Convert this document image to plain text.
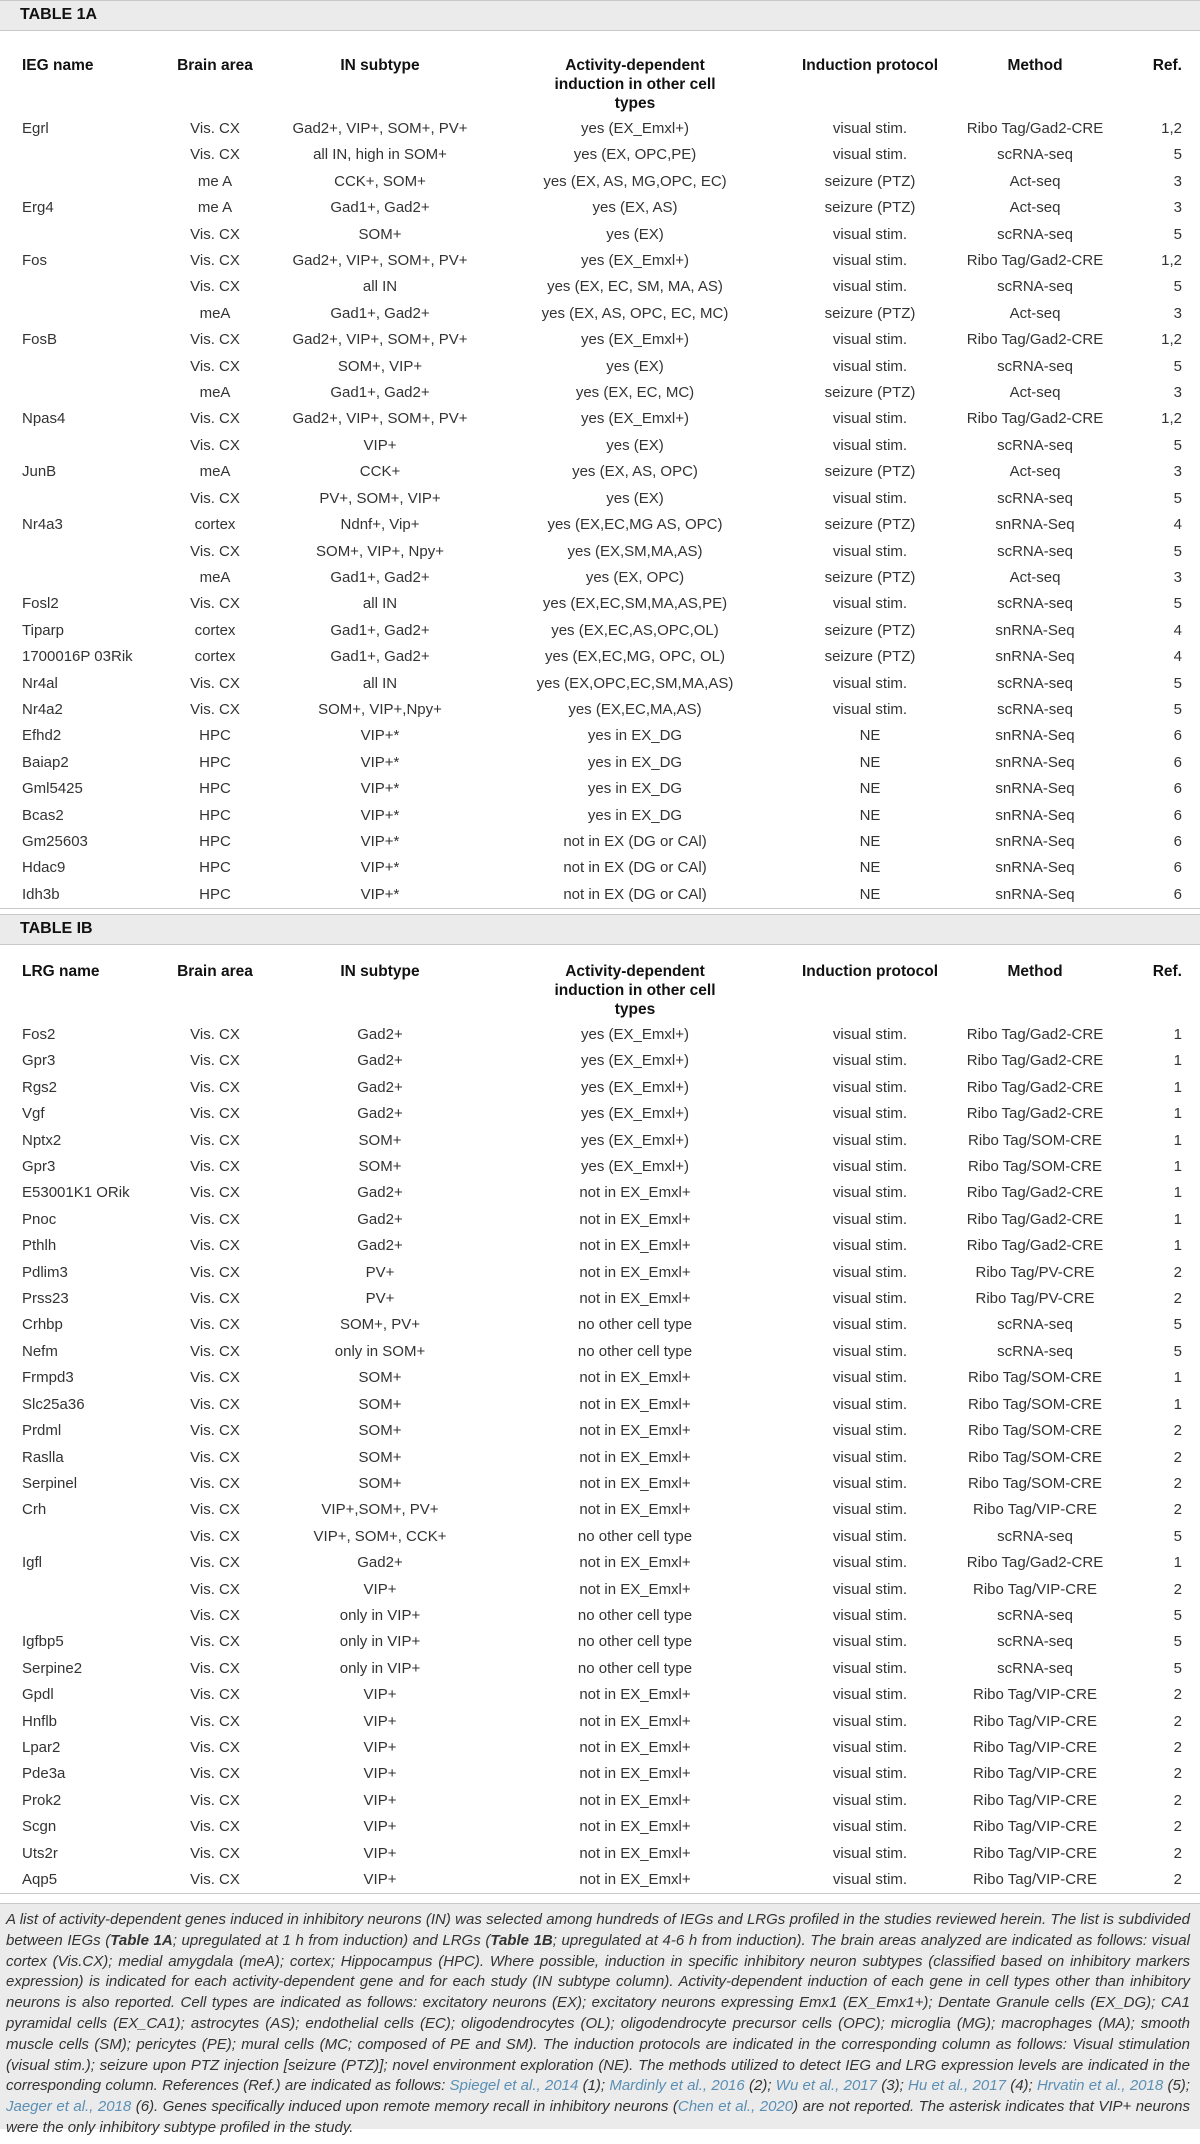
TABLE 1A
IEG name	Brain area	IN subtype	Activity-dependent induction in other cell types	Induction protocol	Method	Ref.
Egrl	Vis. CX	Gad2+, VIP+, SOM+, PV+	yes (EX_Emxl+)	visual stim.	Ribo Tag/Gad2-CRE	1,2
	Vis. CX	all IN, high in SOM+	yes (EX, OPC,PE)	visual stim.	scRNA-seq	5
	me A	CCK+, SOM+	yes (EX, AS, MG,OPC, EC)	seizure (PTZ)	Act-seq	3
Erg4	me A	Gad1+, Gad2+	yes (EX, AS)	seizure (PTZ)	Act-seq	3
	Vis. CX	SOM+	yes (EX)	visual stim.	scRNA-seq	5
Fos	Vis. CX	Gad2+, VIP+, SOM+, PV+	yes (EX_Emxl+)	visual stim.	Ribo Tag/Gad2-CRE	1,2
	Vis. CX	all IN	yes (EX, EC, SM, MA, AS)	visual stim.	scRNA-seq	5
	meA	Gad1+, Gad2+	yes (EX, AS, OPC, EC, MC)	seizure (PTZ)	Act-seq	3
FosB	Vis. CX	Gad2+, VIP+, SOM+, PV+	yes (EX_Emxl+)	visual stim.	Ribo Tag/Gad2-CRE	1,2
	Vis. CX	SOM+, VIP+	yes (EX)	visual stim.	scRNA-seq	5
	meA	Gad1+, Gad2+	yes (EX, EC, MC)	seizure (PTZ)	Act-seq	3
Npas4	Vis. CX	Gad2+, VIP+, SOM+, PV+	yes (EX_Emxl+)	visual stim.	Ribo Tag/Gad2-CRE	1,2
	Vis. CX	VIP+	yes (EX)	visual stim.	scRNA-seq	5
JunB	meA	CCK+	yes (EX, AS, OPC)	seizure (PTZ)	Act-seq	3
	Vis. CX	PV+, SOM+, VIP+	yes (EX)	visual stim.	scRNA-seq	5
Nr4a3	cortex	Ndnf+, Vip+	yes (EX,EC,MG AS, OPC)	seizure (PTZ)	snRNA-Seq	4
	Vis. CX	SOM+, VIP+, Npy+	yes (EX,SM,MA,AS)	visual stim.	scRNA-seq	5
	meA	Gad1+, Gad2+	yes (EX, OPC)	seizure (PTZ)	Act-seq	3
Fosl2	Vis. CX	all IN	yes (EX,EC,SM,MA,AS,PE)	visual stim.	scRNA-seq	5
Tiparp	cortex	Gad1+, Gad2+	yes (EX,EC,AS,OPC,OL)	seizure (PTZ)	snRNA-Seq	4
1700016P 03Rik	cortex	Gad1+, Gad2+	yes (EX,EC,MG, OPC, OL)	seizure (PTZ)	snRNA-Seq	4
Nr4al	Vis. CX	all IN	yes (EX,OPC,EC,SM,MA,AS)	visual stim.	scRNA-seq	5
Nr4a2	Vis. CX	SOM+, VIP+,Npy+	yes (EX,EC,MA,AS)	visual stim.	scRNA-seq	5
Efhd2	HPC	VIP+*	yes in EX_DG	NE	snRNA-Seq	6
Baiap2	HPC	VIP+*	yes in EX_DG	NE	snRNA-Seq	6
Gml5425	HPC	VIP+*	yes in EX_DG	NE	snRNA-Seq	6
Bcas2	HPC	VIP+*	yes in EX_DG	NE	snRNA-Seq	6
Gm25603	HPC	VIP+*	not in EX (DG or CAl)	NE	snRNA-Seq	6
Hdac9	HPC	VIP+*	not in EX (DG or CAl)	NE	snRNA-Seq	6
Idh3b	HPC	VIP+*	not in EX (DG or CAl)	NE	snRNA-Seq	6
TABLE IB
LRG name	Brain area	IN subtype	Activity-dependent induction in other cell types	Induction protocol	Method	Ref.
Fos2	Vis. CX	Gad2+	yes (EX_Emxl+)	visual stim.	Ribo Tag/Gad2-CRE	1
Gpr3	Vis. CX	Gad2+	yes (EX_Emxl+)	visual stim.	Ribo Tag/Gad2-CRE	1
Rgs2	Vis. CX	Gad2+	yes (EX_Emxl+)	visual stim.	Ribo Tag/Gad2-CRE	1
Vgf	Vis. CX	Gad2+	yes (EX_Emxl+)	visual stim.	Ribo Tag/Gad2-CRE	1
Nptx2	Vis. CX	SOM+	yes (EX_Emxl+)	visual stim.	Ribo Tag/SOM-CRE	1
Gpr3	Vis. CX	SOM+	yes (EX_Emxl+)	visual stim.	Ribo Tag/SOM-CRE	1
E53001K1 ORik	Vis. CX	Gad2+	not in EX_Emxl+	visual stim.	Ribo Tag/Gad2-CRE	1
Pnoc	Vis. CX	Gad2+	not in EX_Emxl+	visual stim.	Ribo Tag/Gad2-CRE	1
Pthlh	Vis. CX	Gad2+	not in EX_Emxl+	visual stim.	Ribo Tag/Gad2-CRE	1
Pdlim3	Vis. CX	PV+	not in EX_Emxl+	visual stim.	Ribo Tag/PV-CRE	2
Prss23	Vis. CX	PV+	not in EX_Emxl+	visual stim.	Ribo Tag/PV-CRE	2
Crhbp	Vis. CX	SOM+, PV+	no other cell type	visual stim.	scRNA-seq	5
Nefm	Vis. CX	only in SOM+	no other cell type	visual stim.	scRNA-seq	5
Frmpd3	Vis. CX	SOM+	not in EX_Emxl+	visual stim.	Ribo Tag/SOM-CRE	1
Slc25a36	Vis. CX	SOM+	not in EX_Emxl+	visual stim.	Ribo Tag/SOM-CRE	1
Prdml	Vis. CX	SOM+	not in EX_Emxl+	visual stim.	Ribo Tag/SOM-CRE	2
Raslla	Vis. CX	SOM+	not in EX_Emxl+	visual stim.	Ribo Tag/SOM-CRE	2
Serpinel	Vis. CX	SOM+	not in EX_Emxl+	visual stim.	Ribo Tag/SOM-CRE	2
Crh	Vis. CX	VIP+,SOM+, PV+	not in EX_Emxl+	visual stim.	Ribo Tag/VIP-CRE	2
	Vis. CX	VIP+, SOM+, CCK+	no other cell type	visual stim.	scRNA-seq	5
Igfl	Vis. CX	Gad2+	not in EX_Emxl+	visual stim.	Ribo Tag/Gad2-CRE	1
	Vis. CX	VIP+	not in EX_Emxl+	visual stim.	Ribo Tag/VIP-CRE	2
	Vis. CX	only in VIP+	no other cell type	visual stim.	scRNA-seq	5
Igfbp5	Vis. CX	only in VIP+	no other cell type	visual stim.	scRNA-seq	5
Serpine2	Vis. CX	only in VIP+	no other cell type	visual stim.	scRNA-seq	5
Gpdl	Vis. CX	VIP+	not in EX_Emxl+	visual stim.	Ribo Tag/VIP-CRE	2
Hnflb	Vis. CX	VIP+	not in EX_Emxl+	visual stim.	Ribo Tag/VIP-CRE	2
Lpar2	Vis. CX	VIP+	not in EX_Emxl+	visual stim.	Ribo Tag/VIP-CRE	2
Pde3a	Vis. CX	VIP+	not in EX_Emxl+	visual stim.	Ribo Tag/VIP-CRE	2
Prok2	Vis. CX	VIP+	not in EX_Emxl+	visual stim.	Ribo Tag/VIP-CRE	2
Scgn	Vis. CX	VIP+	not in EX_Emxl+	visual stim.	Ribo Tag/VIP-CRE	2
Uts2r	Vis. CX	VIP+	not in EX_Emxl+	visual stim.	Ribo Tag/VIP-CRE	2
Aqp5	Vis. CX	VIP+	not in EX_Emxl+	visual stim.	Ribo Tag/VIP-CRE	2
A list of activity-dependent genes induced in inhibitory neurons (IN) was selected among hundreds of IEGs and LRGs profiled in the studies reviewed herein. The list is subdivided between IEGs (Table 1A; upregulated at 1 h from induction) and LRGs (Table 1B; upregulated at 4-6 h from induction). The brain areas analyzed are indicated as follows: visual cortex (Vis.CX); medial amygdala (meA); cortex; Hippocampus (HPC). Where possible, induction in specific inhibitory neuron subtypes (classified based on inhibitory markers expression) is indicated for each activity-dependent gene and for each study (IN subtype column). Activity-dependent induction of each gene in cell types other than inhibitory neurons is also reported. Cell types are indicated as follows: excitatory neurons (EX); excitatory neurons expressing Emx1 (EX_Emx1+); Dentate Granule cells (EX_DG); CA1 pyramidal cells (EX_CA1); astrocytes (AS); endothelial cells (EC); oligodendrocytes (OL); oligodendrocyte precursor cells (OPC); microglia (MG); macrophages (MA); smooth muscle cells (SM); pericytes (PE); mural cells (MC; composed of PE and SM). The induction protocols are indicated in the corresponding column as follows: Visual stimulation (visual stim.); seizure upon PTZ injection [seizure (PTZ)]; novel environment exploration (NE). The methods utilized to detect IEG and LRG expression levels are indicated in the corresponding column. References (Ref.) are indicated as follows: Spiegel et al., 2014 (1); Mardinly et al., 2016 (2); Wu et al., 2017 (3); Hu et al., 2017 (4); Hrvatin et al., 2018 (5); Jaeger et al., 2018 (6). Genes specifically induced upon remote memory recall in inhibitory neurons (Chen et al., 2020) are not reported. The asterisk indicates that VIP+ neurons were the only inhibitory subtype profiled in the study.
